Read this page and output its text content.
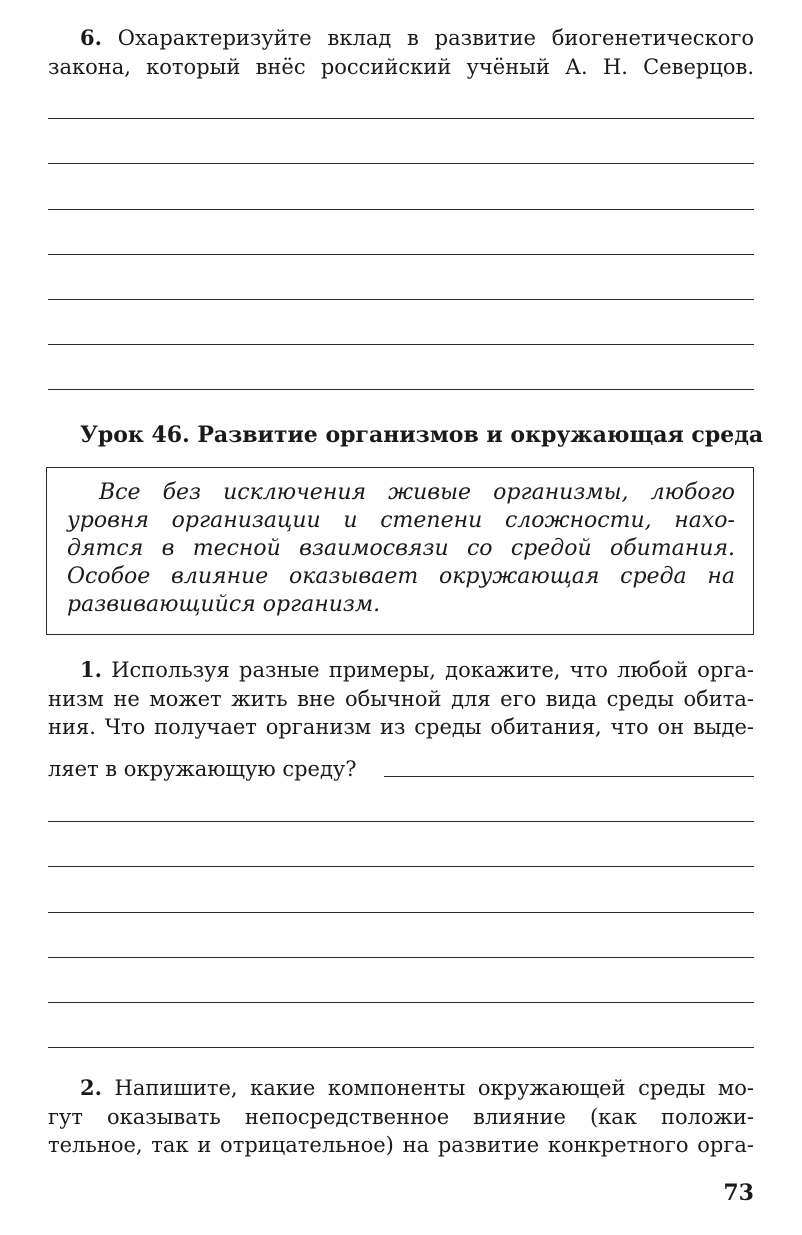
6. Охарактеризуйте вклад в развитие биогенетического
закона, который внёс российский учёный А. Н. Северцов.
Урок 46. Развитие организмов и окружающая среда
Все без исключения живые организмы, любого
уровня организации и степени сложности, нахо-
дятся в тесной взаимосвязи со средой обитания.
Особое влияние оказывает окружающая среда на
развивающийся организм.
1. Используя разные примеры, докажите, что любой орга-
низм не может жить вне обычной для его вида среды обита-
ния. Что получает организм из среды обитания, что он выде-
ляет в окружающую среду?
2. Напишите, какие компоненты окружающей среды мо-
гут оказывать непосредственное влияние (как положи-
тельное, так и отрицательное) на развитие конкретного орга-
73
